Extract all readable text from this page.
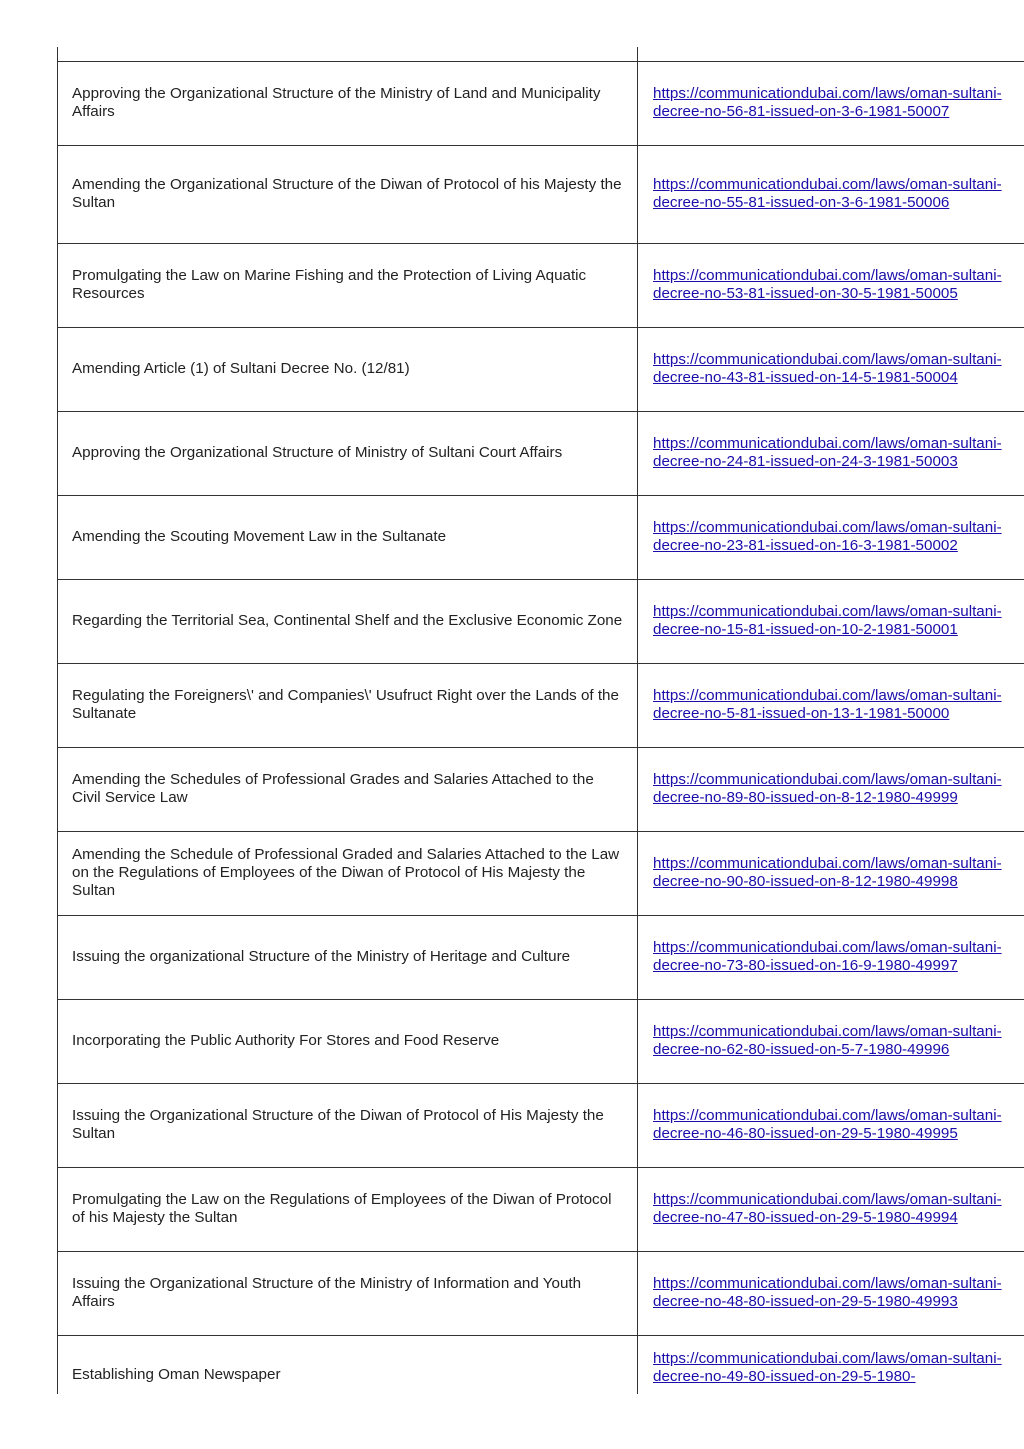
Approving the Organizational Structure of the Ministry of Land and Municipality Affairs	https://communicationdubai.com/laws/oman-sultani-decree-no-56-81-issued-on-3-6-1981-50007

Amending the Organizational Structure of the Diwan of Protocol of his Majesty the Sultan	https://communicationdubai.com/laws/oman-sultani-decree-no-55-81-issued-on-3-6-1981-50006

Promulgating the Law on Marine Fishing and the Protection of Living Aquatic Resources	https://communicationdubai.com/laws/oman-sultani-decree-no-53-81-issued-on-30-5-1981-50005

Amending Article (1) of Sultani Decree No. (12/81)	https://communicationdubai.com/laws/oman-sultani-decree-no-43-81-issued-on-14-5-1981-50004

Approving the Organizational Structure of Ministry of Sultani Court Affairs	https://communicationdubai.com/laws/oman-sultani-decree-no-24-81-issued-on-24-3-1981-50003

Amending the Scouting Movement Law in the Sultanate	https://communicationdubai.com/laws/oman-sultani-decree-no-23-81-issued-on-16-3-1981-50002

Regarding the Territorial Sea, Continental Shelf and the Exclusive Economic Zone	https://communicationdubai.com/laws/oman-sultani-decree-no-15-81-issued-on-10-2-1981-50001

Regulating the Foreigners\' and Companies\' Usufruct Right over the Lands of the Sultanate	https://communicationdubai.com/laws/oman-sultani-decree-no-5-81-issued-on-13-1-1981-50000

Amending the Schedules of Professional Grades and Salaries Attached to the Civil Service Law	https://communicationdubai.com/laws/oman-sultani-decree-no-89-80-issued-on-8-12-1980-49999

Amending the Schedule of Professional Graded and Salaries Attached to the Law on the Regulations of Employees of the Diwan of Protocol of His Majesty the Sultan	https://communicationdubai.com/laws/oman-sultani-decree-no-90-80-issued-on-8-12-1980-49998

Issuing the organizational Structure of the Ministry of Heritage and Culture	https://communicationdubai.com/laws/oman-sultani-decree-no-73-80-issued-on-16-9-1980-49997

Incorporating the Public Authority For Stores and Food Reserve	https://communicationdubai.com/laws/oman-sultani-decree-no-62-80-issued-on-5-7-1980-49996

Issuing the Organizational Structure of the Diwan of Protocol of His Majesty the Sultan	https://communicationdubai.com/laws/oman-sultani-decree-no-46-80-issued-on-29-5-1980-49995

Promulgating the Law on the Regulations of Employees of the Diwan of Protocol of his Majesty the Sultan	https://communicationdubai.com/laws/oman-sultani-decree-no-47-80-issued-on-29-5-1980-49994

Issuing the Organizational Structure of the Ministry of Information and Youth Affairs	https://communicationdubai.com/laws/oman-sultani-decree-no-48-80-issued-on-29-5-1980-49993

Establishing Oman Newspaper	https://communicationdubai.com/laws/oman-sultani-decree-no-49-80-issued-on-29-5-1980-
